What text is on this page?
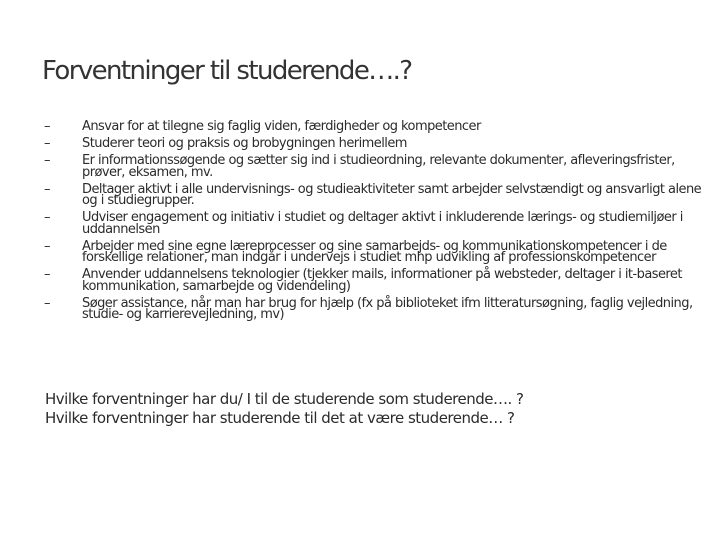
Forventninger til studerende….?
– Ansvar for at tilegne sig faglig viden, færdigheder og kompetencer
– Studerer teori og praksis og brobygningen herimellem
– Er informationssøgende og sætter sig ind i studieordning, relevante dokumenter, afleveringsfrister, prøver, eksamen, mv.
– Deltager aktivt i alle undervisnings- og studieaktiviteter samt arbejder selvstændigt og ansvarligt alene og i studiegrupper.
– Udviser engagement og initiativ i studiet og deltager aktivt i inkluderende lærings- og studiemiljøer i uddannelsen
– Arbejder med sine egne læreprocesser og sine samarbejds- og kommunikationskompetencer i de forskellige relationer, man indgår i undervejs i studiet mhp udvikling af professionskompetencer
– Anvender uddannelsens teknologier (tjekker mails, informationer på websteder, deltager i it-baseret kommunikation, samarbejde og videndeling)
– Søger assistance, når man har brug for hjælp (fx på biblioteket ifm litteratursøgning, faglig vejledning, studie- og karrierevejledning, mv)
Hvilke forventninger har du/ I til de studerende som studerende…. ?
Hvilke forventninger har studerende til det at være studerende… ?
